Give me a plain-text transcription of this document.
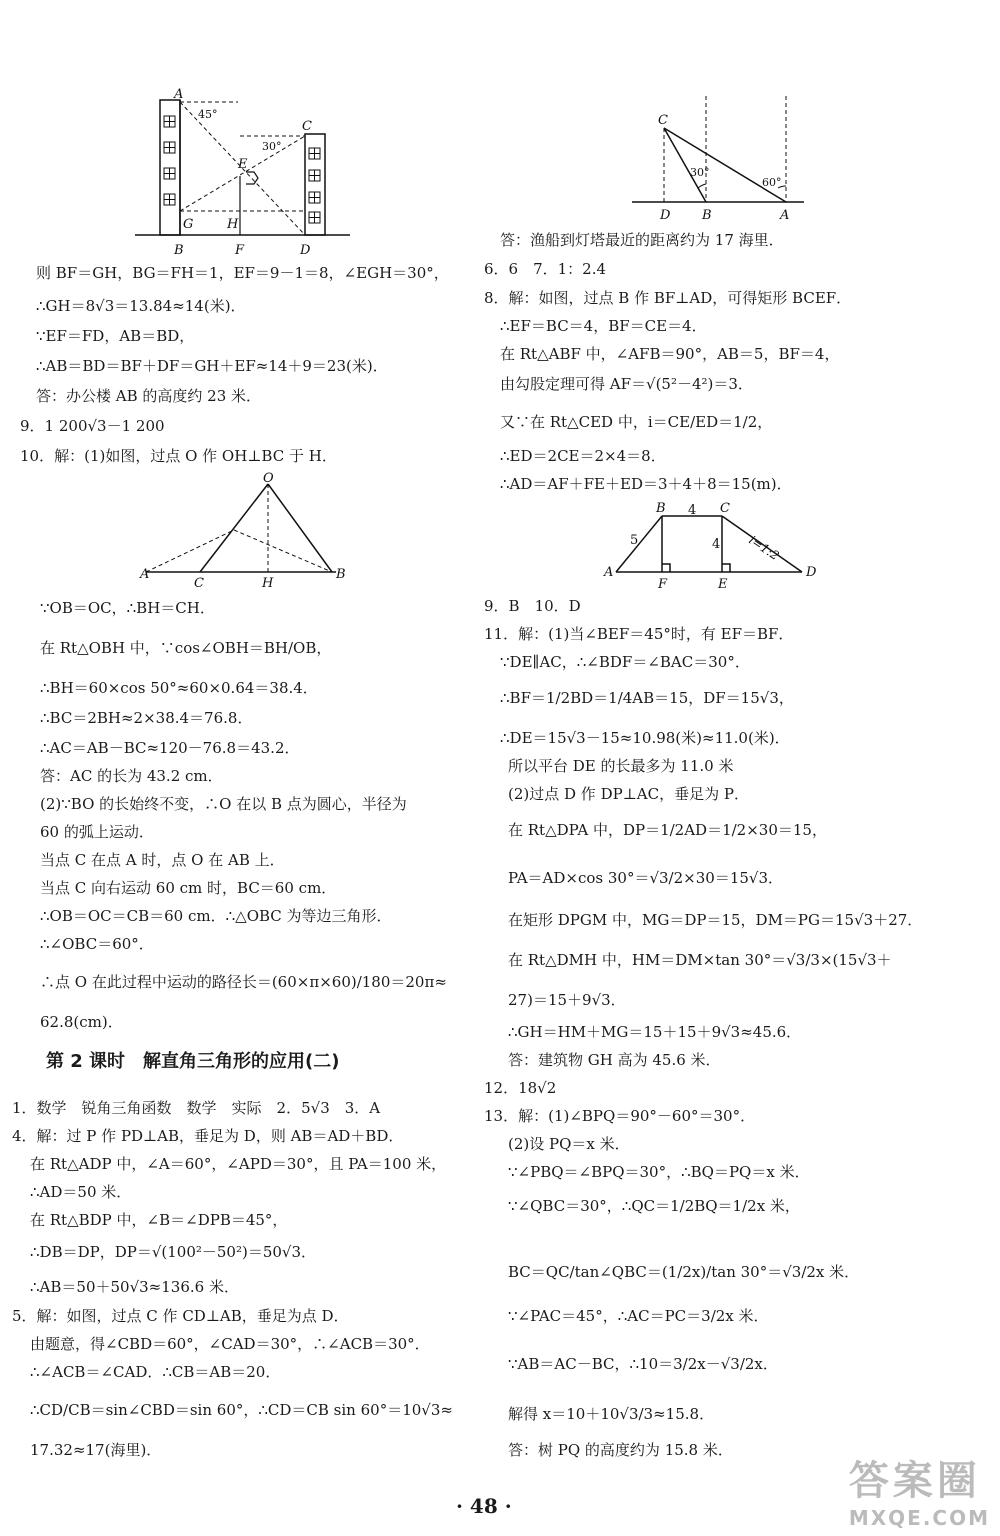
则 BF＝GH，BG＝FH＝1，EF＝9－1＝8，∠EGH＝30°，
∴GH＝8√3＝13.84≈14(米)．
∵EF＝FD，AB＝BD，
∴AB＝BD＝BF＋DF＝GH＋EF≈14＋9＝23(米)．
答：办公楼 AB 的高度约 23 米．
9．1 200√3－1 200
10．解：(1)如图，过点 O 作 OH⊥BC 于 H．
∵OB＝OC，∴BH＝CH．
在 Rt△OBH 中，∵cos∠OBH＝BH/OB，
∴BH＝60×cos 50°≈60×0.64＝38.4．
∴BC＝2BH≈2×38.4＝76.8．
∴AC＝AB－BC≈120－76.8＝43.2．
答：AC 的长为 43.2 cm．
(2)∵BO 的长始终不变，∴O 在以 B 点为圆心，半径为
60 的弧上运动．
当点 C 在点 A 时，点 O 在 AB 上．
当点 C 向右运动 60 cm 时，BC＝60 cm．
∴OB＝OC＝CB＝60 cm．∴△OBC 为等边三角形．
∴∠OBC＝60°．
∴点 O 在此过程中运动的路径长＝(60×π×60)/180＝20π≈
62.8(cm)．
第 2 课时　解直角三角形的应用(二)
1．数学　锐角三角函数　数学　实际　2．5√3　3．A
4．解：过 P 作 PD⊥AB，垂足为 D，则 AB＝AD＋BD．
在 Rt△ADP 中，∠A＝60°，∠APD＝30°，且 PA＝100 米，
∴AD＝50 米．
在 Rt△BDP 中，∠B＝∠DPB＝45°，
∴DB＝DP，DP＝√(100²－50²)＝50√3．
∴AB＝50＋50√3≈136.6 米．
5．解：如图，过点 C 作 CD⊥AB，垂足为点 D．
由题意，得∠CBD＝60°，∠CAD＝30°，∴∠ACB＝30°．
∴∠ACB＝∠CAD．∴CB＝AB＝20．
∴CD/CB＝sin∠CBD＝sin 60°，∴CD＝CB sin 60°＝10√3≈
17.32≈17(海里)．
答：渔船到灯塔最近的距离约为 17 海里．
6．6　7．1：2.4
8．解：如图，过点 B 作 BF⊥AD，可得矩形 BCEF．
∴EF＝BC＝4，BF＝CE＝4．
在 Rt△ABF 中，∠AFB＝90°，AB＝5，BF＝4，
由勾股定理可得 AF＝√(5²－4²)＝3．
又∵在 Rt△CED 中，i＝CE/ED＝1/2，
∴ED＝2CE＝2×4＝8．
∴AD＝AF＋FE＋ED＝3＋4＋8＝15(m)．
9．B　10．D
11．解：(1)当∠BEF＝45°时，有 EF＝BF．
∵DE∥AC，∴∠BDF＝∠BAC＝30°．
∴BF＝1/2BD＝1/4AB＝15，DF＝15√3，
∴DE＝15√3－15≈10.98(米)≈11.0(米)．
所以平台 DE 的长最多为 11.0 米
(2)过点 D 作 DP⊥AC，垂足为 P．
在 Rt△DPA 中，DP＝1/2AD＝1/2×30＝15，
PA＝AD×cos 30°＝√3/2×30＝15√3．
在矩形 DPGM 中，MG＝DP＝15，DM＝PG＝15√3＋27．
在 Rt△DMH 中，HM＝DM×tan 30°＝√3/3×(15√3＋
27)＝15＋9√3．
∴GH＝HM＋MG＝15＋15＋9√3≈45.6．
答：建筑物 GH 高为 45.6 米．
12．18√2
13．解：(1)∠BPQ＝90°－60°＝30°．
(2)设 PQ＝x 米．
∵∠PBQ＝∠BPQ＝30°，∴BQ＝PQ＝x 米．
∵∠QBC＝30°，∴QC＝1/2BQ＝1/2x 米，
BC＝QC/tan∠QBC＝(1/2x)/tan 30°＝√3/2x 米．
∵∠PAC＝45°，∴AC＝PC＝3/2x 米．
∵AB＝AC－BC，∴10＝3/2x－√3/2x．
解得 x＝10＋10√3/3≈15.8．
答：树 PQ 的高度约为 15.8 米．
A
45°
C
30°
E
G	H
B	F	D
C
30°
60°
D B	A
O
A
C	H
B
B 4 C
5	4 i=1:2
A
F	E
D
· 48 ·
答案圈
MXQE.COM
